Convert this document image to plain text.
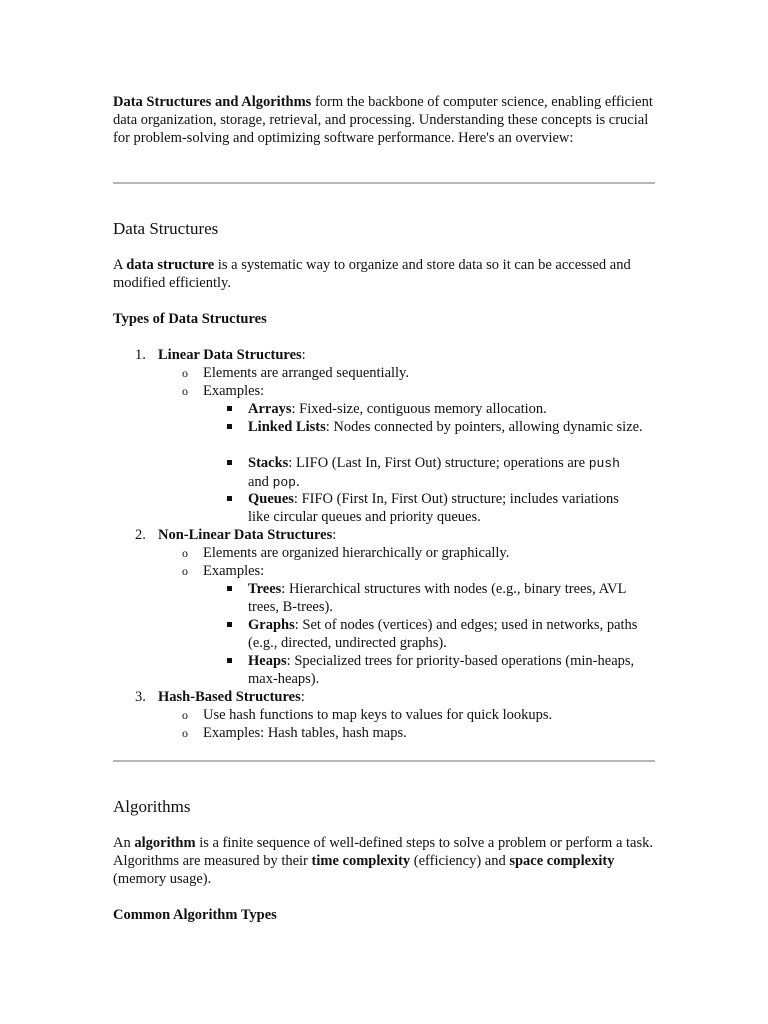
Data Structures and Algorithms form the backbone of computer science, enabling efficient data organization, storage, retrieval, and processing. Understanding these concepts is crucial for problem-solving and optimizing software performance. Here's an overview:

Data Structures

A data structure is a systematic way to organize and store data so it can be accessed and modified efficiently.

Types of Data Structures

1. Linear Data Structures:
o Elements are arranged sequentially.
o Examples:
Arrays: Fixed-size, contiguous memory allocation.
Linked Lists: Nodes connected by pointers, allowing dynamic size.
Stacks: LIFO (Last In, First Out) structure; operations are push and pop.
Queues: FIFO (First In, First Out) structure; includes variations like circular queues and priority queues.
2. Non-Linear Data Structures:
o Elements are organized hierarchically or graphically.
o Examples:
Trees: Hierarchical structures with nodes (e.g., binary trees, AVL trees, B-trees).
Graphs: Set of nodes (vertices) and edges; used in networks, paths (e.g., directed, undirected graphs).
Heaps: Specialized trees for priority-based operations (min-heaps, max-heaps).
3. Hash-Based Structures:
o Use hash functions to map keys to values for quick lookups.
o Examples: Hash tables, hash maps.
Algorithms

An algorithm is a finite sequence of well-defined steps to solve a problem or perform a task. Algorithms are measured by their time complexity (efficiency) and space complexity (memory usage).

Common Algorithm Types
